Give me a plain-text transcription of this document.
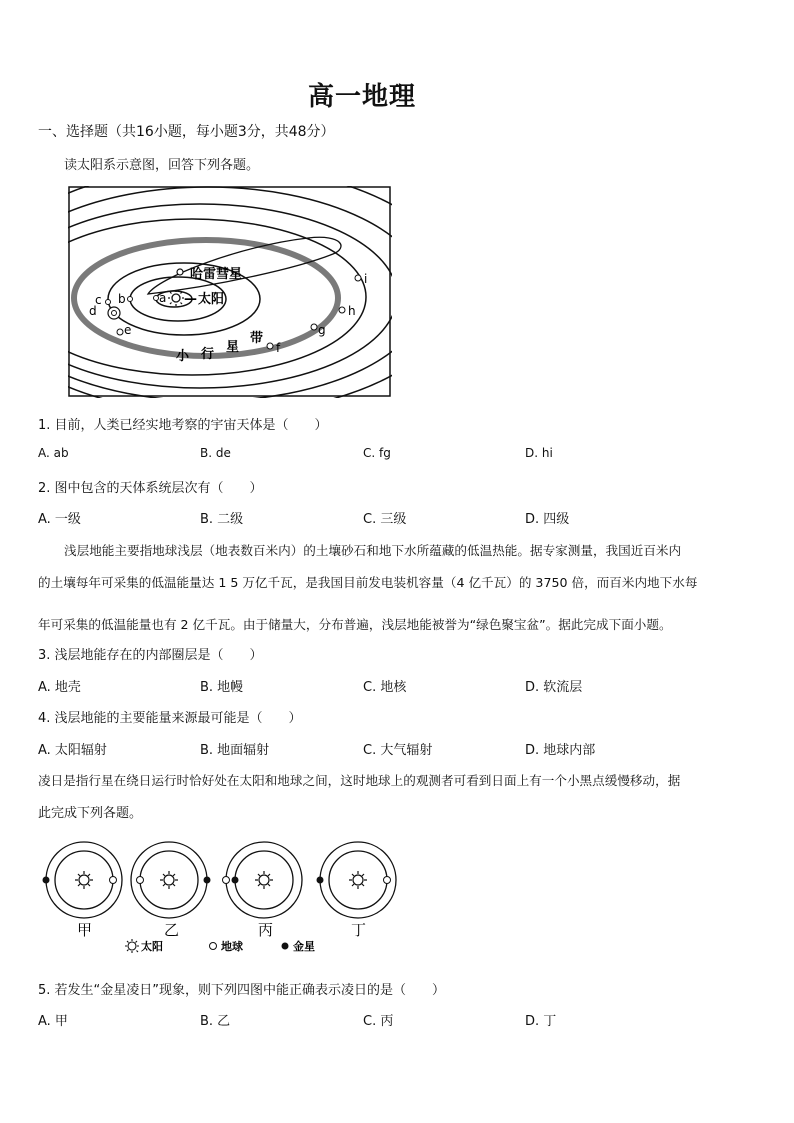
高一地理
一、选择题（共16小题，每小题3分，共48分）
读太阳系示意图，回答下列各题。
哈雷彗星
— 太阳
a
b
c
d
e
f
g
h
i
小 行 星
带
1. 目前，人类已经实地考察的宇宙天体是（　　）
A. ab	B. de	C. fg	D. hi
2. 图中包含的天体系统层次有（　　）
A. 一级	B. 二级	C. 三级	D. 四级
浅层地能主要指地球浅层（地表数百米内）的土壤砂石和地下水所蕴藏的低温热能。据专家测量，我国近百米内
的土壤每年可采集的低温能量达 1 5 万亿千瓦，是我国目前发电装机容量（4 亿千瓦）的 3750 倍，而百米内地下水每
年可采集的低温能量也有 2 亿千瓦。由于储量大，分布普遍，浅层地能被誉为“绿色聚宝盆”。据此完成下面小题。
3. 浅层地能存在的内部圈层是（　　）
A. 地壳	B. 地幔	C. 地核	D. 软流层
4. 浅层地能的主要能量来源最可能是（　　）
A. 太阳辐射	B. 地面辐射	C. 大气辐射	D. 地球内部
凌日是指行星在绕日运行时恰好处在太阳和地球之间，这时地球上的观测者可看到日面上有一个小黑点缓慢移动，据
此完成下列各题。
甲	乙	丙	丁
太阳	地球	金星
5. 若发生“金星凌日”现象，则下列四图中能正确表示凌日的是（　　）
A. 甲	B. 乙	C. 丙	D. 丁
